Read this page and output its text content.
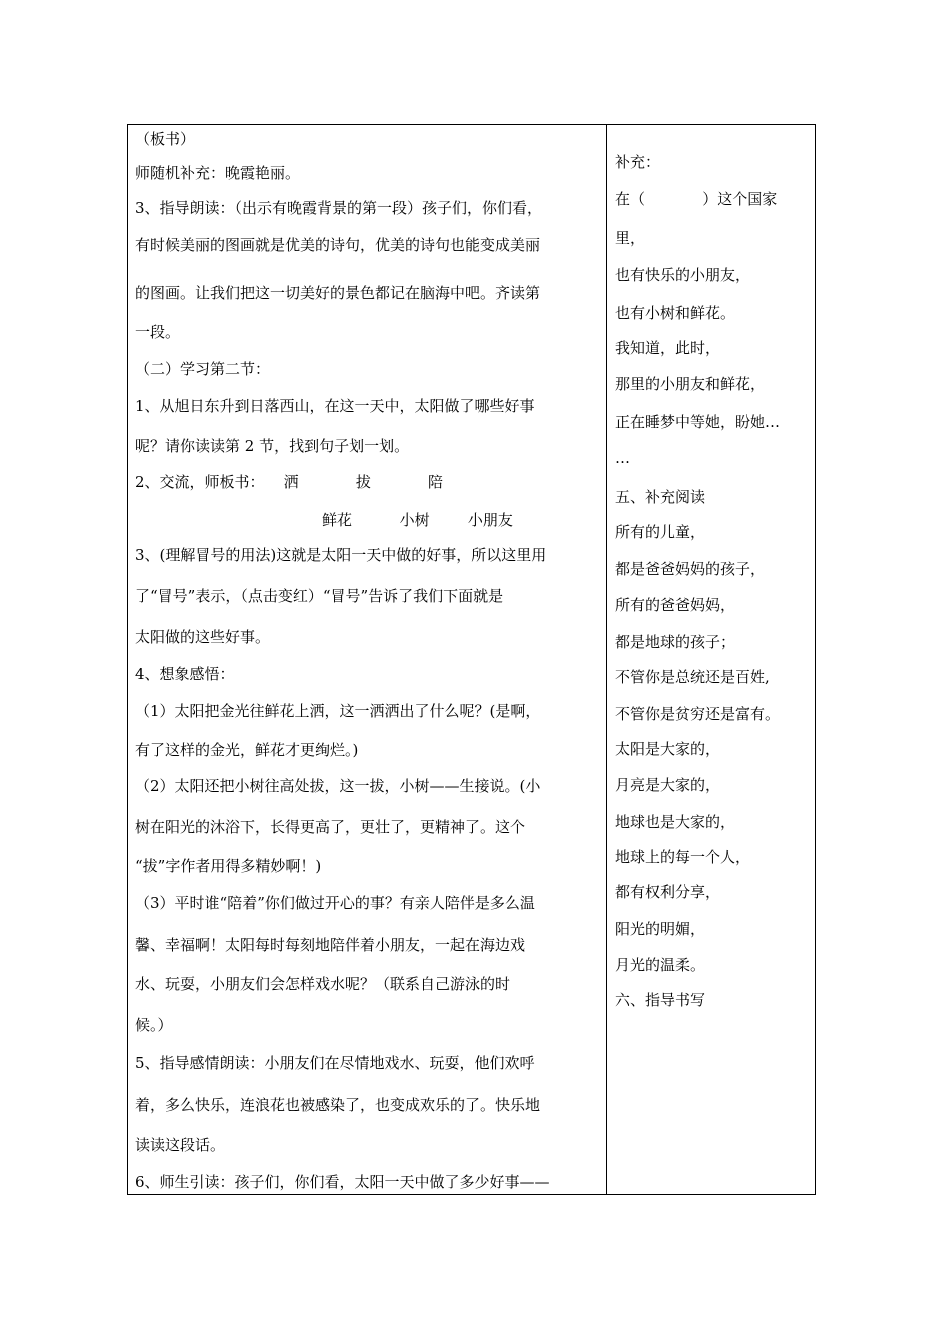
（板书）
师随机补充：晚霞艳丽。
3、指导朗读：（出示有晚霞背景的第一段）孩子们，你们看，
有时候美丽的图画就是优美的诗句，优美的诗句也能变成美丽
的图画。让我们把这一切美好的景色都记在脑海中吧。齐读第
一段。
（二）学习第二节：
1、从旭日东升到日落西山，在这一天中，太阳做了哪些好事
呢？请你读读第 2 节，找到句子划一划。
2、交流，师板书：    洒            拔            陪
鲜花          小树        小朋友
3、(理解冒号的用法)这就是太阳一天中做的好事，所以这里用
了“冒号”表示，（点击变红）“冒号”告诉了我们下面就是
太阳做的这些好事。
4、想象感悟：
（1）太阳把金光往鲜花上洒，这一洒洒出了什么呢？(是啊，
有了这样的金光，鲜花才更绚烂。)
（2）太阳还把小树往高处拔，这一拔，小树——生接说。(小
树在阳光的沐浴下，长得更高了，更壮了，更精神了。这个
“拔”字作者用得多精妙啊！)
（3）平时谁“陪着”你们做过开心的事？有亲人陪伴是多么温
馨、幸福啊！太阳每时每刻地陪伴着小朋友，一起在海边戏
水、玩耍，小朋友们会怎样戏水呢？（联系自己游泳的时
候。）
5、指导感情朗读：小朋友们在尽情地戏水、玩耍，他们欢呼
着，多么快乐，连浪花也被感染了，也变成欢乐的了。快乐地
读读这段话。
6、师生引读：孩子们，你们看，太阳一天中做了多少好事——
补充：
在（            ）这个国家
里，
也有快乐的小朋友，
也有小树和鲜花。
我知道，此时，
那里的小朋友和鲜花，
正在睡梦中等她，盼她…
…
五、补充阅读
所有的儿童，
都是爸爸妈妈的孩子，
所有的爸爸妈妈，
都是地球的孩子；
不管你是总统还是百姓,
不管你是贫穷还是富有。
太阳是大家的，
月亮是大家的，
地球也是大家的，
地球上的每一个人，
都有权利分享，
阳光的明媚，
月光的温柔。
六、指导书写
